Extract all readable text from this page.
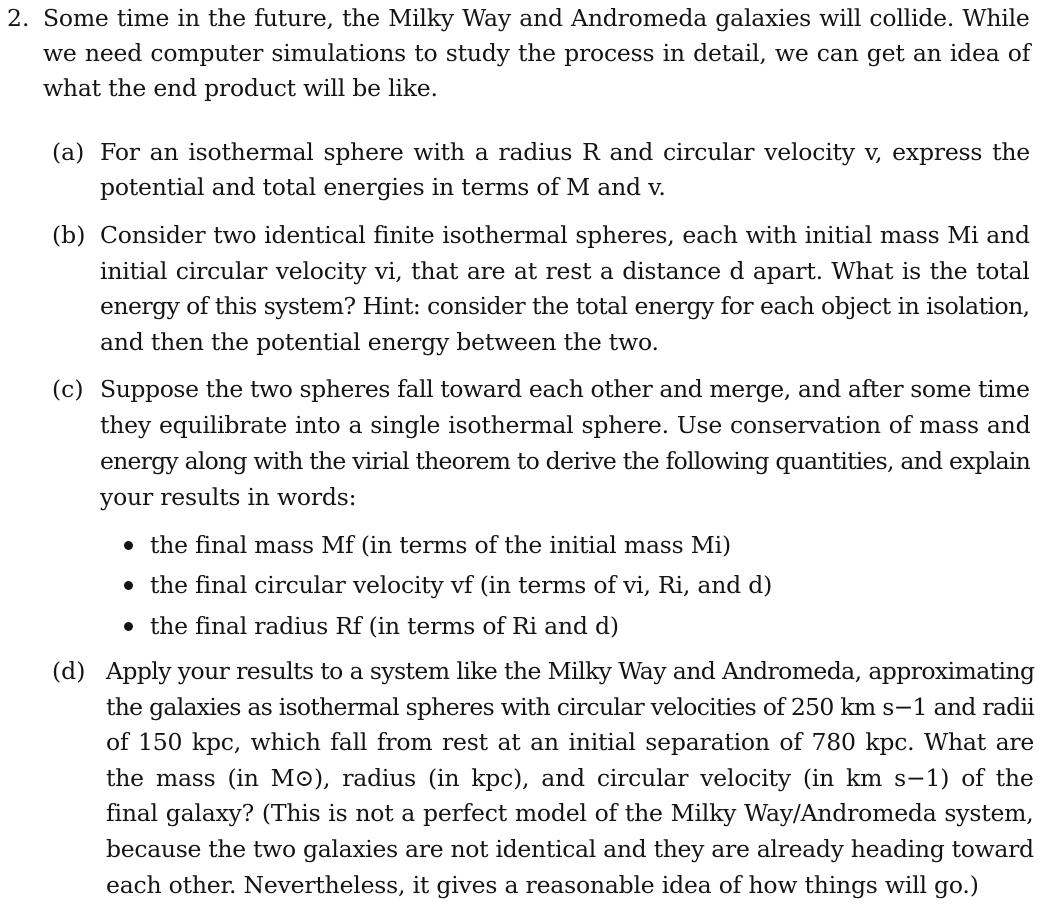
2. Some time in the future, the Milky Way and Andromeda galaxies will collide. While
we need computer simulations to study the process in detail, we can get an idea of
what the end product will be like.
(a) For an isothermal sphere with a radius R and circular velocity v, express the
potential and total energies in terms of M and v.
(b) Consider two identical finite isothermal spheres, each with initial mass Mi and
initial circular velocity vi, that are at rest a distance d apart. What is the total
energy of this system? Hint: consider the total energy for each object in isolation,
and then the potential energy between the two.
(c) Suppose the two spheres fall toward each other and merge, and after some time
they equilibrate into a single isothermal sphere. Use conservation of mass and
energy along with the virial theorem to derive the following quantities, and explain
your results in words:
the final mass Mf (in terms of the initial mass Mi)
the final circular velocity vf (in terms of vi, Ri, and d)
the final radius Rf (in terms of Ri and d)
(d) Apply your results to a system like the Milky Way and Andromeda, approximating
the galaxies as isothermal spheres with circular velocities of 250 km s−1 and radii
of 150 kpc, which fall from rest at an initial separation of 780 kpc. What are
the mass (in M⊙), radius (in kpc), and circular velocity (in km s−1) of the
final galaxy? (This is not a perfect model of the Milky Way/Andromeda system,
because the two galaxies are not identical and they are already heading toward
each other. Nevertheless, it gives a reasonable idea of how things will go.)
